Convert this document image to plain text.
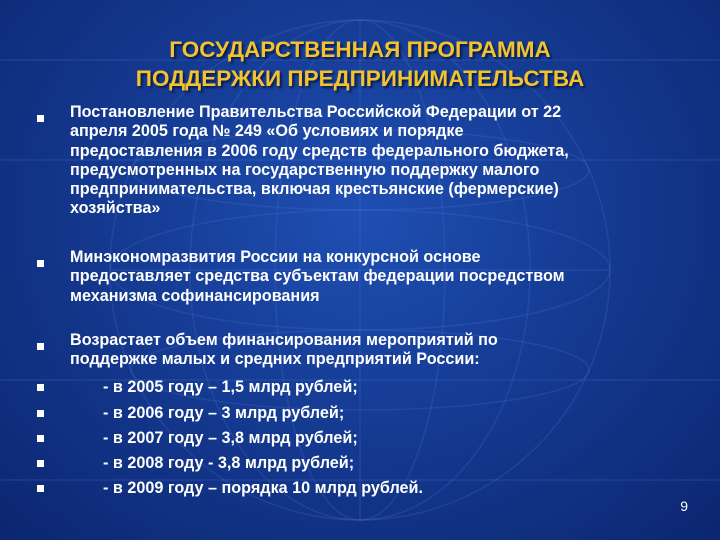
ГОСУДАРСТВЕННАЯ ПРОГРАММА
ПОДДЕРЖКИ ПРЕДПРИНИМАТЕЛЬСТВА
Постановление Правительства Российской Федерации от 22
апреля 2005 года № 249 «Об условиях и порядке
предоставления в 2006 году средств федерального бюджета,
предусмотренных на государственную поддержку малого
предпринимательства, включая крестьянские (фермерские)
хозяйства»
Минэкономразвития России на конкурсной основе
предоставляет средства субъектам федерации посредством
механизма софинансирования
Возрастает объем финансирования мероприятий по
поддержке малых и средних предприятий России:
- в 2005 году – 1,5 млрд рублей;
- в 2006 году – 3 млрд рублей;
- в 2007 году – 3,8 млрд рублей;
- в 2008 году - 3,8 млрд рублей;
- в 2009 году – порядка 10 млрд рублей.
9
